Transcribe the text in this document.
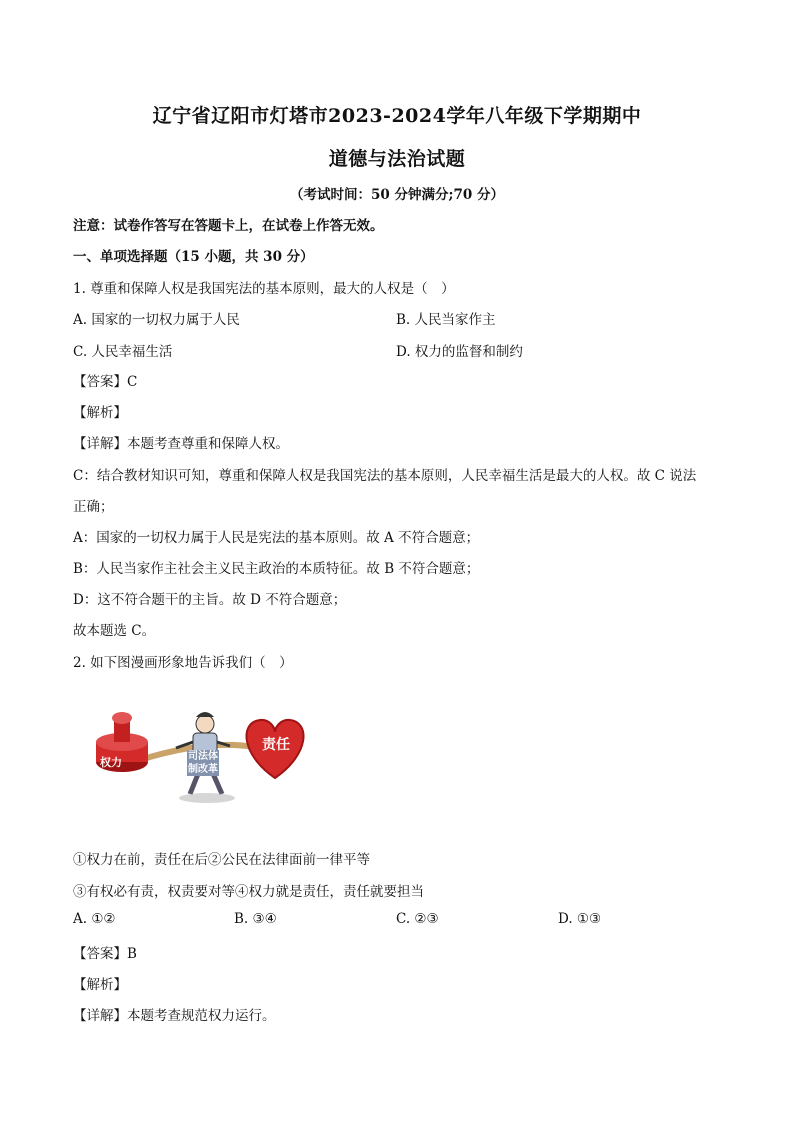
辽宁省辽阳市灯塔市2023-2024学年八年级下学期期中
道德与法治试题
（考试时间：50 分钟满分;70 分）
注意：试卷作答写在答题卡上，在试卷上作答无效。
一、单项选择题（15 小题，共 30 分）
1. 尊重和保障人权是我国宪法的基本原则，最大的人权是（　）
A. 国家的一切权力属于人民	B. 人民当家作主
C. 人民幸福生活	D. 权力的监督和制约
【答案】C
【解析】
【详解】本题考查尊重和保障人权。
C：结合教材知识可知，尊重和保障人权是我国宪法的基本原则，人民幸福生活是最大的人权。故 C 说法
正确；
A：国家的一切权力属于人民是宪法的基本原则。故 A 不符合题意；
B：人民当家作主社会主义民主政治的本质特征。故 B 不符合题意；
D：这不符合题干的主旨。故 D 不符合题意；
故本题选 C。
2. 如下图漫画形象地告诉我们（　）
权力
责任
司法体
制改革
①权力在前，责任在后②公民在法律面前一律平等
③有权必有责，权责要对等④权力就是责任，责任就要担当
A. ①②	B. ③④	C. ②③	D. ①③
【答案】B
【解析】
【详解】本题考查规范权力运行。
